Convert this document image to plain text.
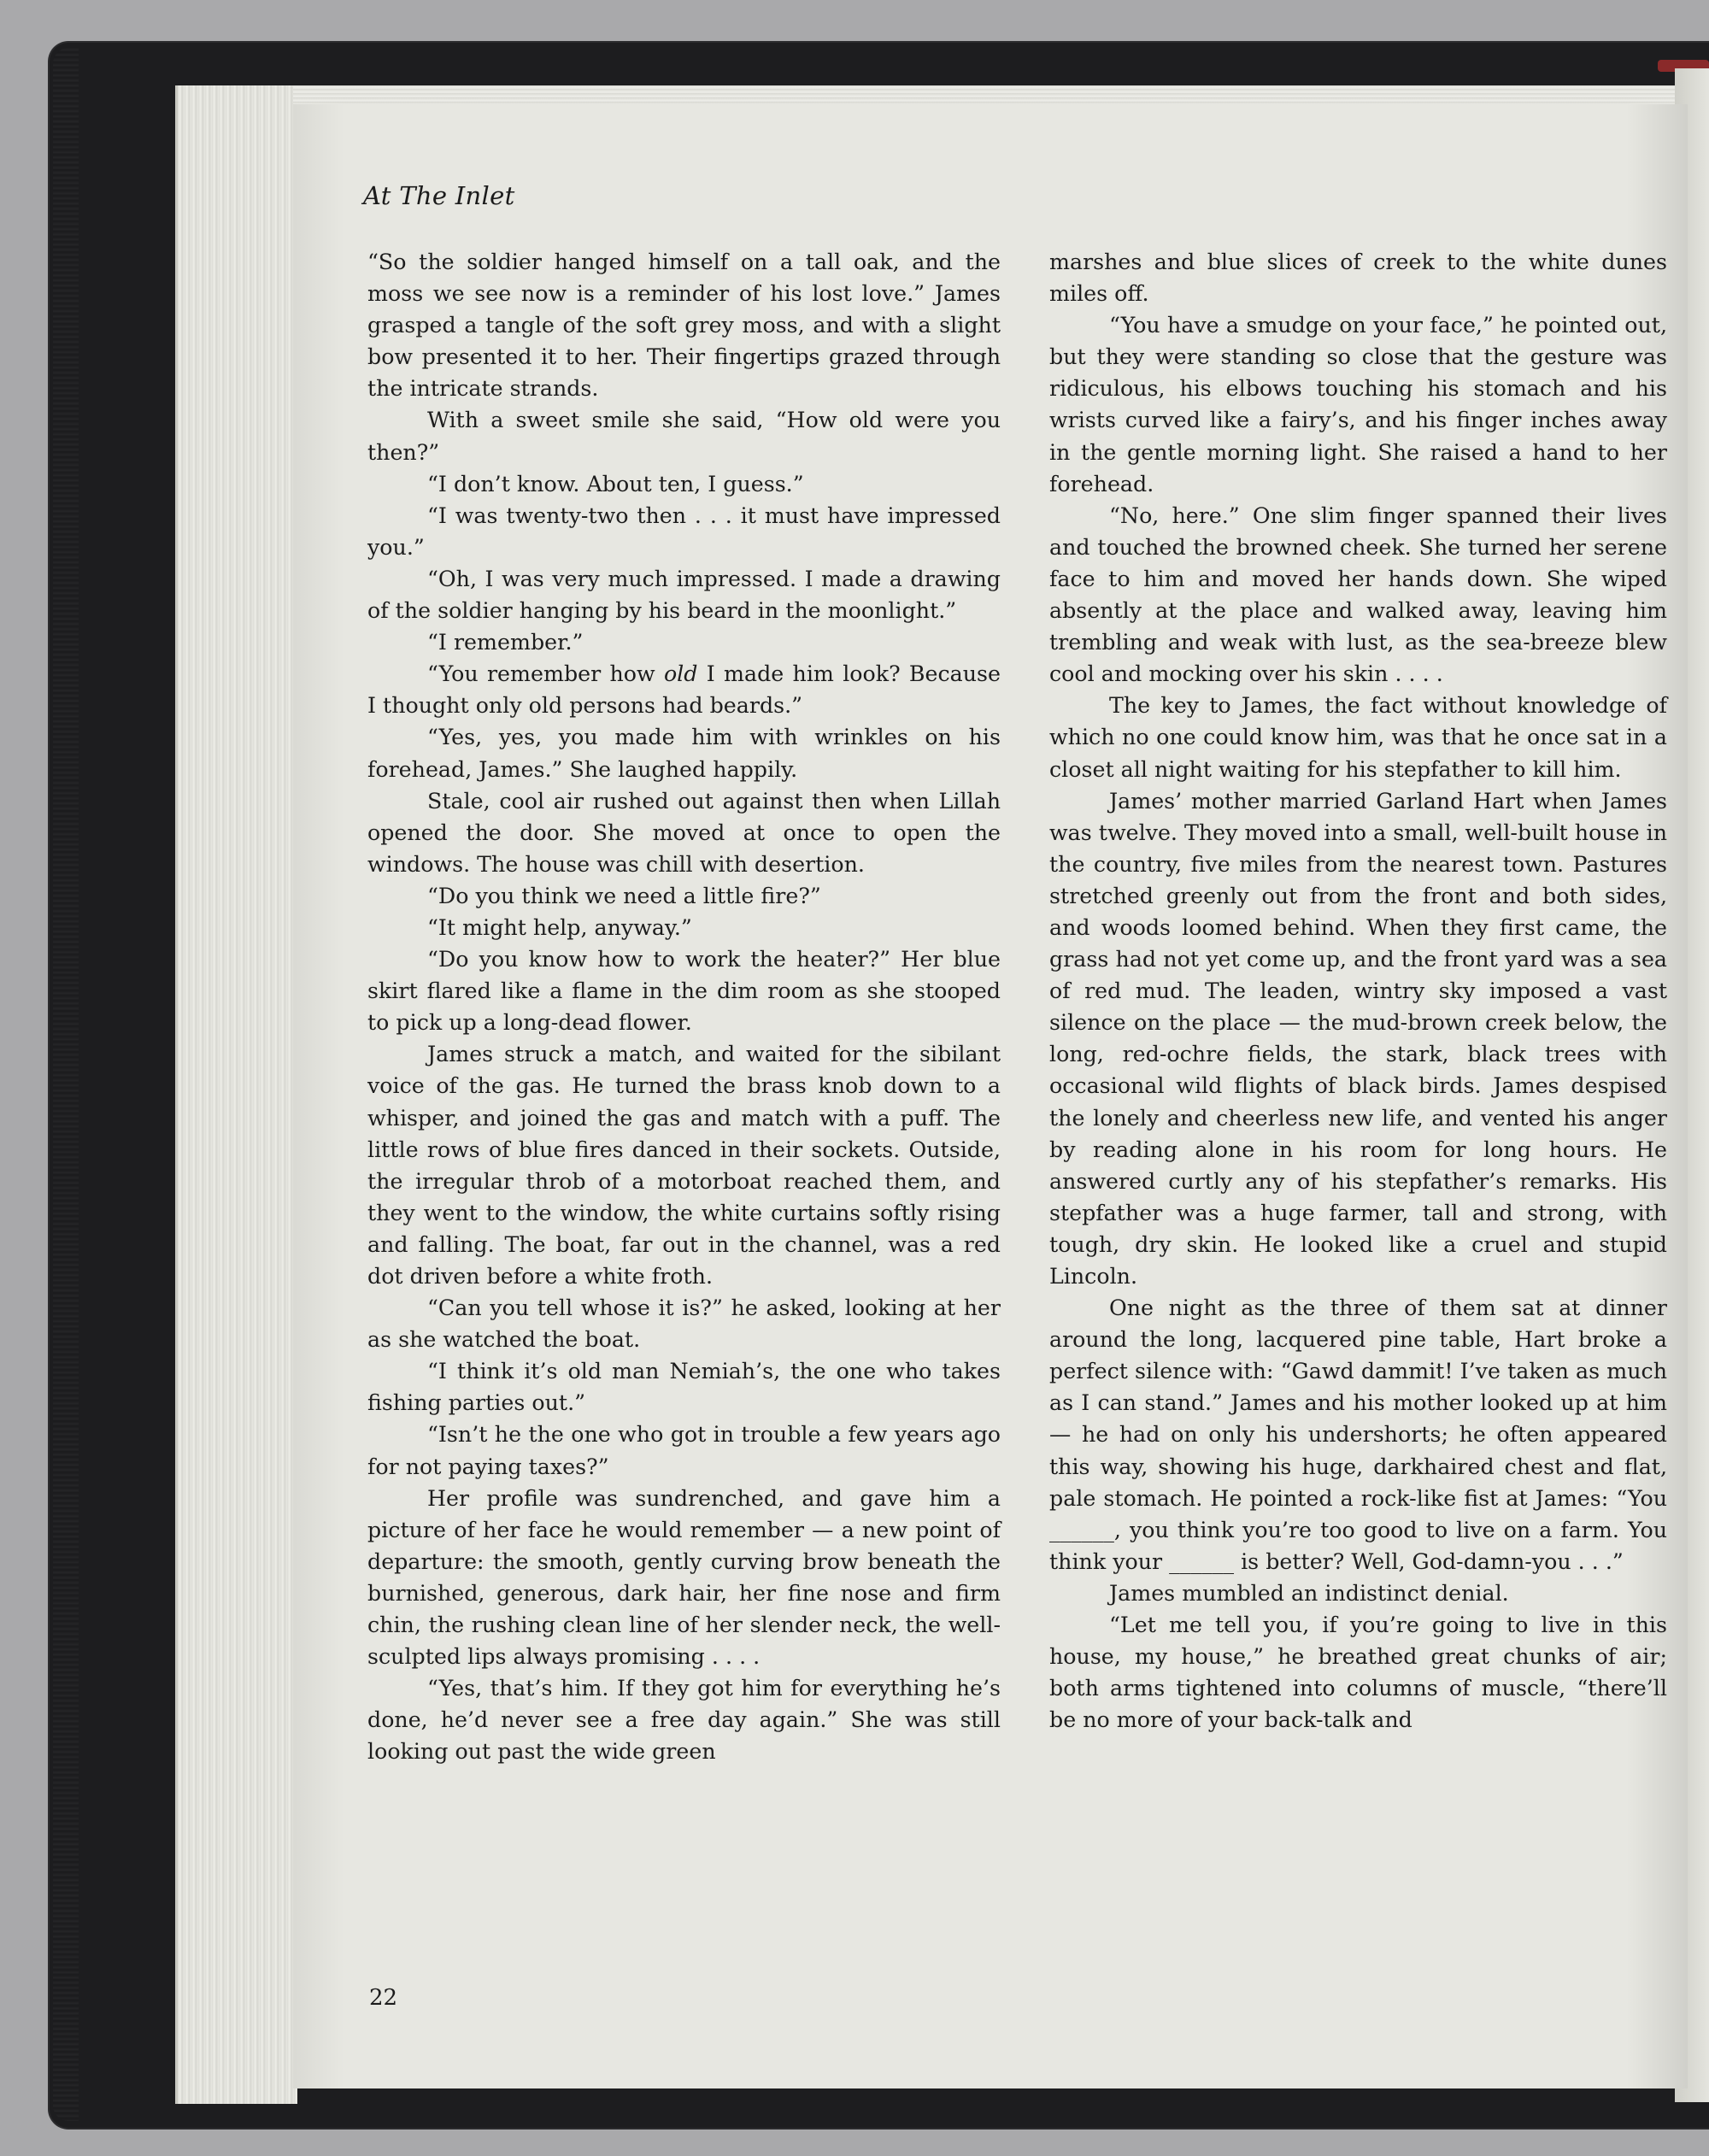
At The Inlet

“So the soldier hanged himself on a tall oak, and the moss we see now is a reminder of his lost love.” James grasped a tangle of the soft grey moss, and with a slight bow presented it to her. Their fingertips grazed through the intricate strands.

With a sweet smile she said, “How old were you then?”

“I don’t know. About ten, I guess.”

“I was twenty-two then . . . it must have impressed you.”

“Oh, I was very much impressed. I made a drawing of the soldier hanging by his beard in the moonlight.”

“I remember.”

“You remember how old I made him look? Because I thought only old persons had beards.”

“Yes, yes, you made him with wrinkles on his forehead, James.” She laughed happily.

Stale, cool air rushed out against then when Lillah opened the door. She moved at once to open the windows. The house was chill with desertion.

“Do you think we need a little fire?”

“It might help, anyway.”

“Do you know how to work the heater?” Her blue skirt flared like a flame in the dim room as she stooped to pick up a long-dead flower.

James struck a match, and waited for the sibilant voice of the gas. He turned the brass knob down to a whisper, and joined the gas and match with a puff. The little rows of blue fires danced in their sockets. Outside, the irregular throb of a motorboat reached them, and they went to the window, the white curtains softly rising and falling. The boat, far out in the channel, was a red dot driven before a white froth.

“Can you tell whose it is?” he asked, looking at her as she watched the boat.

“I think it’s old man Nemiah’s, the one who takes fishing parties out.”

“Isn’t he the one who got in trouble a few years ago for not paying taxes?”

Her profile was sundrenched, and gave him a picture of her face he would remember — a new point of departure: the smooth, gently curving brow beneath the burnished, generous, dark hair, her fine nose and firm chin, the rushing clean line of her slender neck, the well-sculpted lips always promising . . . .

“Yes, that’s him. If they got him for everything he’s done, he’d never see a free day again.” She was still looking out past the wide green

marshes and blue slices of creek to the white dunes miles off.

“You have a smudge on your face,” he pointed out, but they were standing so close that the gesture was ridiculous, his elbows touching his stomach and his wrists curved like a fairy’s, and his finger inches away in the gentle morning light. She raised a hand to her forehead.

“No, here.” One slim finger spanned their lives and touched the browned cheek. She turned her serene face to him and moved her hands down. She wiped absently at the place and walked away, leaving him trembling and weak with lust, as the sea-breeze blew cool and mocking over his skin . . . .

The key to James, the fact without knowledge of which no one could know him, was that he once sat in a closet all night waiting for his stepfather to kill him.

James’ mother married Garland Hart when James was twelve. They moved into a small, well-built house in the country, five miles from the nearest town. Pastures stretched greenly out from the front and both sides, and woods loomed behind. When they first came, the grass had not yet come up, and the front yard was a sea of red mud. The leaden, wintry sky imposed a vast silence on the place — the mud-brown creek below, the long, red-ochre fields, the stark, black trees with occasional wild flights of black birds. James despised the lonely and cheerless new life, and vented his anger by reading alone in his room for long hours. He answered curtly any of his stepfather’s remarks. His stepfather was a huge farmer, tall and strong, with tough, dry skin. He looked like a cruel and stupid Lincoln.

One night as the three of them sat at dinner around the long, lacquered pine table, Hart broke a perfect silence with: “Gawd dammit! I’ve taken as much as I can stand.” James and his mother looked up at him — he had on only his undershorts; he often appeared this way, showing his huge, darkhaired chest and flat, pale stomach. He pointed a rock-like fist at James: “You ______, you think you’re too good to live on a farm. You think your ______ is better? Well, God-damn-you . . .”

James mumbled an indistinct denial.

“Let me tell you, if you’re going to live in this house, my house,” he breathed great chunks of air; both arms tightened into columns of muscle, “there’ll be no more of your back-talk and

22
